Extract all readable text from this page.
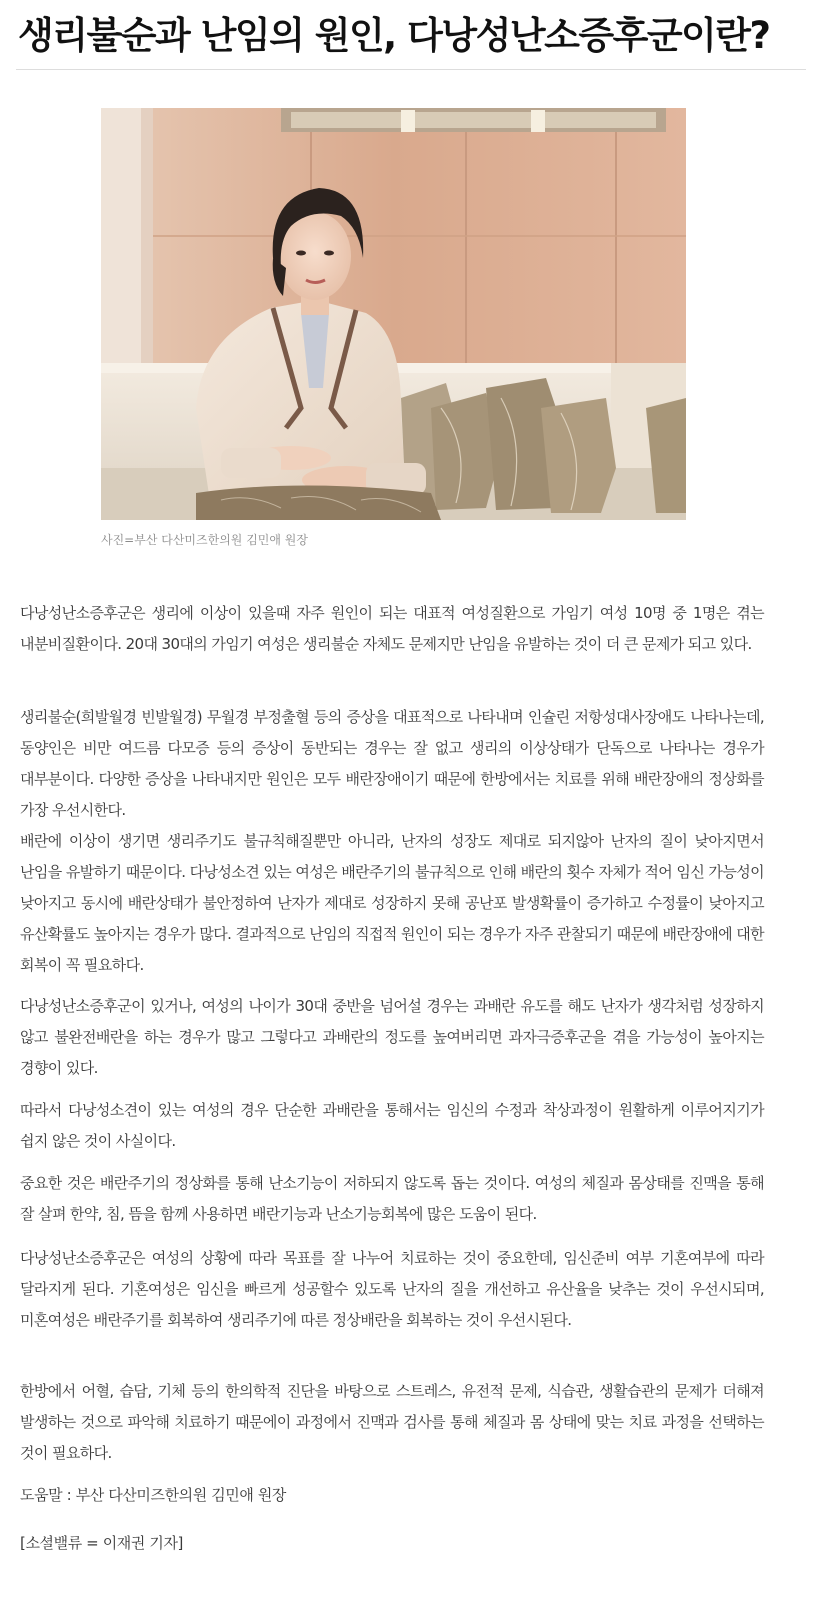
생리불순과 난임의 원인, 다낭성난소증후군이란?
사진=부산 다산미즈한의원 김민애 원장

다낭성난소증후군은 생리에 이상이 있을때 자주 원인이 되는 대표적 여성질환으로 가임기 여성 10명 중 1명은 겪는 내분비질환이다. 20대 30대의 가임기 여성은 생리불순 자체도 문제지만 난임을 유발하는 것이 더 큰 문제가 되고 있다.

생리불순(희발월경 빈발월경) 무월경 부정출혈 등의 증상을 대표적으로 나타내며 인슐린 저항성대사장애도 나타나는데, 동양인은 비만 여드름 다모증 등의 증상이 동반되는 경우는 잘 없고 생리의 이상상태가 단독으로 나타나는 경우가 대부분이다. 다양한 증상을 나타내지만 원인은 모두 배란장애이기 때문에 한방에서는 치료를 위해 배란장애의 정상화를 가장 우선시한다.

배란에 이상이 생기면 생리주기도 불규칙해질뿐만 아니라, 난자의 성장도 제대로 되지않아 난자의 질이 낮아지면서 난임을 유발하기 때문이다. 다낭성소견 있는 여성은 배란주기의 불규칙으로 인해 배란의 횟수 자체가 적어 임신 가능성이 낮아지고 동시에 배란상태가 불안정하여 난자가 제대로 성장하지 못해 공난포 발생확률이 증가하고 수정률이 낮아지고 유산확률도 높아지는 경우가 많다. 결과적으로 난임의 직접적 원인이 되는 경우가 자주 관찰되기 때문에 배란장애에 대한 회복이 꼭 필요하다.

다낭성난소증후군이 있거나, 여성의 나이가 30대 중반을 넘어설 경우는 과배란 유도를 해도 난자가 생각처럼 성장하지 않고 불완전배란을 하는 경우가 많고 그렇다고 과배란의 정도를 높여버리면 과자극증후군을 겪을 가능성이 높아지는 경향이 있다.

따라서 다낭성소견이 있는 여성의 경우 단순한 과배란을 통해서는 임신의 수정과 착상과정이 원활하게 이루어지기가 쉽지 않은 것이 사실이다.

중요한 것은 배란주기의 정상화를 통해 난소기능이 저하되지 않도록 돕는 것이다. 여성의 체질과 몸상태를 진맥을 통해 잘 살펴 한약, 침, 뜸을 함께 사용하면 배란기능과 난소기능회복에 많은 도움이 된다.

다낭성난소증후군은 여성의 상황에 따라 목표를 잘 나누어 치료하는 것이 중요한데, 임신준비 여부 기혼여부에 따라 달라지게 된다. 기혼여성은 임신을 빠르게 성공할수 있도록 난자의 질을 개선하고 유산율을 낮추는 것이 우선시되며, 미혼여성은 배란주기를 회복하여 생리주기에 따른 정상배란을 회복하는 것이 우선시된다.

한방에서 어혈, 습담, 기체 등의 한의학적 진단을 바탕으로 스트레스, 유전적 문제, 식습관, 생활습관의 문제가 더해져 발생하는 것으로 파악해 치료하기 때문에이 과정에서 진맥과 검사를 통해 체질과 몸 상태에 맞는 치료 과정을 선택하는 것이 필요하다.

도움말 : 부산 다산미즈한의원 김민애 원장
[소셜밸류 = 이재권 기자]
